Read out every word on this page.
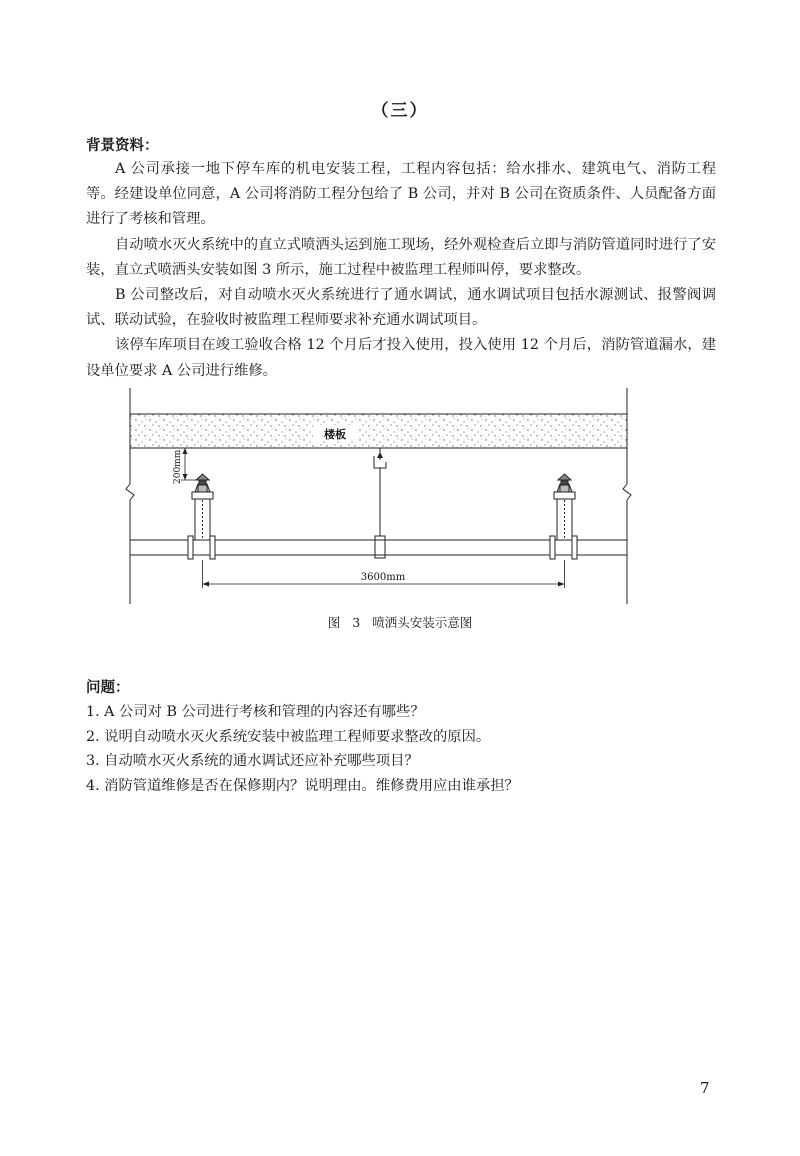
（三）
背景资料：

A 公司承接一地下停车库的机电安装工程，工程内容包括：给水排水、建筑电气、消防工程等。经建设单位同意，A 公司将消防工程分包给了 B 公司，并对 B 公司在资质条件、人员配备方面进行了考核和管理。

自动喷水灭火系统中的直立式喷洒头运到施工现场，经外观检查后立即与消防管道同时进行了安装，直立式喷洒头安装如图 3 所示，施工过程中被监理工程师叫停，要求整改。

B 公司整改后，对自动喷水灭火系统进行了通水调试，通水调试项目包括水源测试、报警阀调试、联动试验，在验收时被监理工程师要求补充通水调试项目。

该停车库项目在竣工验收合格 12 个月后才投入使用，投入使用 12 个月后，消防管道漏水，建设单位要求 A 公司进行维修。

楼板
200mm
3600mm
图 3 喷洒头安装示意图
问题：

1. A 公司对 B 公司进行考核和管理的内容还有哪些？

2. 说明自动喷水灭火系统安装中被监理工程师要求整改的原因。

3. 自动喷水灭火系统的通水调试还应补充哪些项目？

4. 消防管道维修是否在保修期内？说明理由。维修费用应由谁承担？

7
